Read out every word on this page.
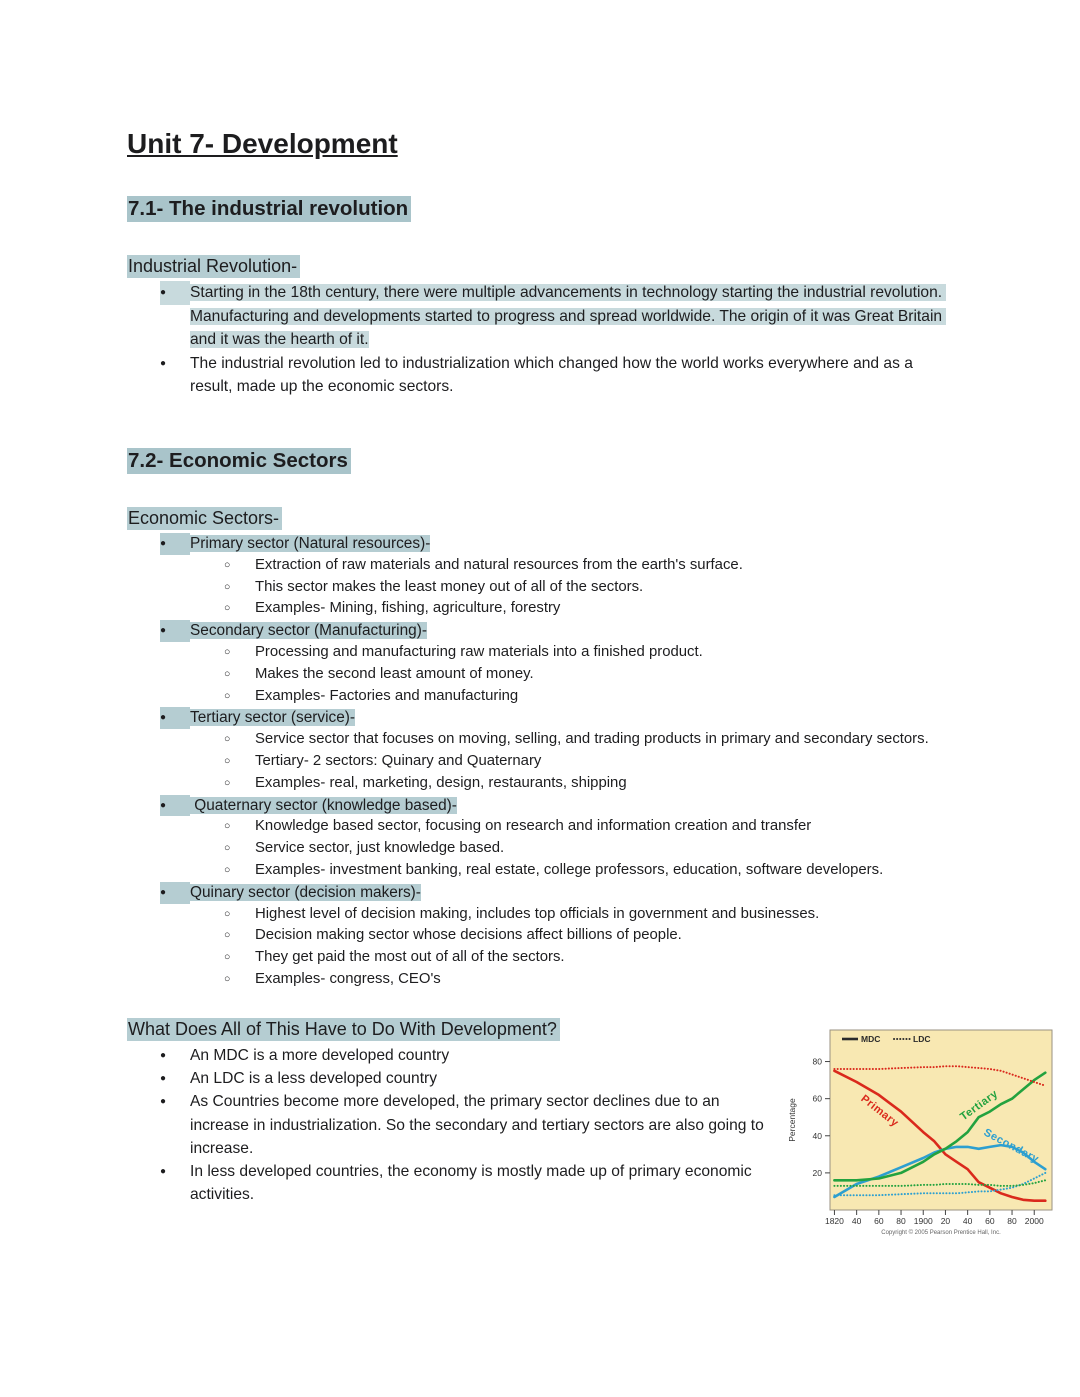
Unit 7- Development
7.1- The industrial revolution
Industrial Revolution-
●	Starting in the 18th century, there were multiple advancements in technology starting the industrial revolution. Manufacturing and developments started to progress and spread worldwide. The origin of it was Great Britain and it was the hearth of it.
●	The industrial revolution led to industrialization which changed how the world works everywhere and as a result, made up the economic sectors.
7.2- Economic Sectors
Economic Sectors-
●	Primary sector (Natural resources)-
○	Extraction of raw materials and natural resources from the earth's surface.
○	This sector makes the least money out of all of the sectors.
○	Examples- Mining, fishing, agriculture, forestry
●	Secondary sector (Manufacturing)-
○	Processing and manufacturing raw materials into a finished product.
○	Makes the second least amount of money.
○	Examples- Factories and manufacturing
●	Tertiary sector (service)-
○	Service sector that focuses on moving, selling, and trading products in primary and secondary sectors.
○	Tertiary- 2 sectors: Quinary and Quaternary
○	Examples- real, marketing, design, restaurants, shipping
●	Quaternary sector (knowledge based)-
○	Knowledge based sector, focusing on research and information creation and transfer
○	Service sector, just knowledge based.
○	Examples- investment banking, real estate, college professors, education, software developers.
●	Quinary sector (decision makers)-
○	Highest level of decision making, includes top officials in government and businesses.
○	Decision making sector whose decisions affect billions of people.
○	They get paid the most out of all of the sectors.
○	Examples- congress, CEO's
What Does All of This Have to Do With Development?
●	An MDC is a more developed country
●	An LDC is a less developed country
●	As Countries become more developed, the primary sector declines due to an increase in industrialization. So the secondary and tertiary sectors are also going to increase.
●	In less developed countries, the economy is mostly made up of primary economic activities.
20
40
60
80
1820 40 60 80 1900 20 40 60 80 2000
Primary
Secondary
Tertiary
MDC	LDC
Percentage
Copyright © 2005 Pearson Prentice Hall, Inc.
